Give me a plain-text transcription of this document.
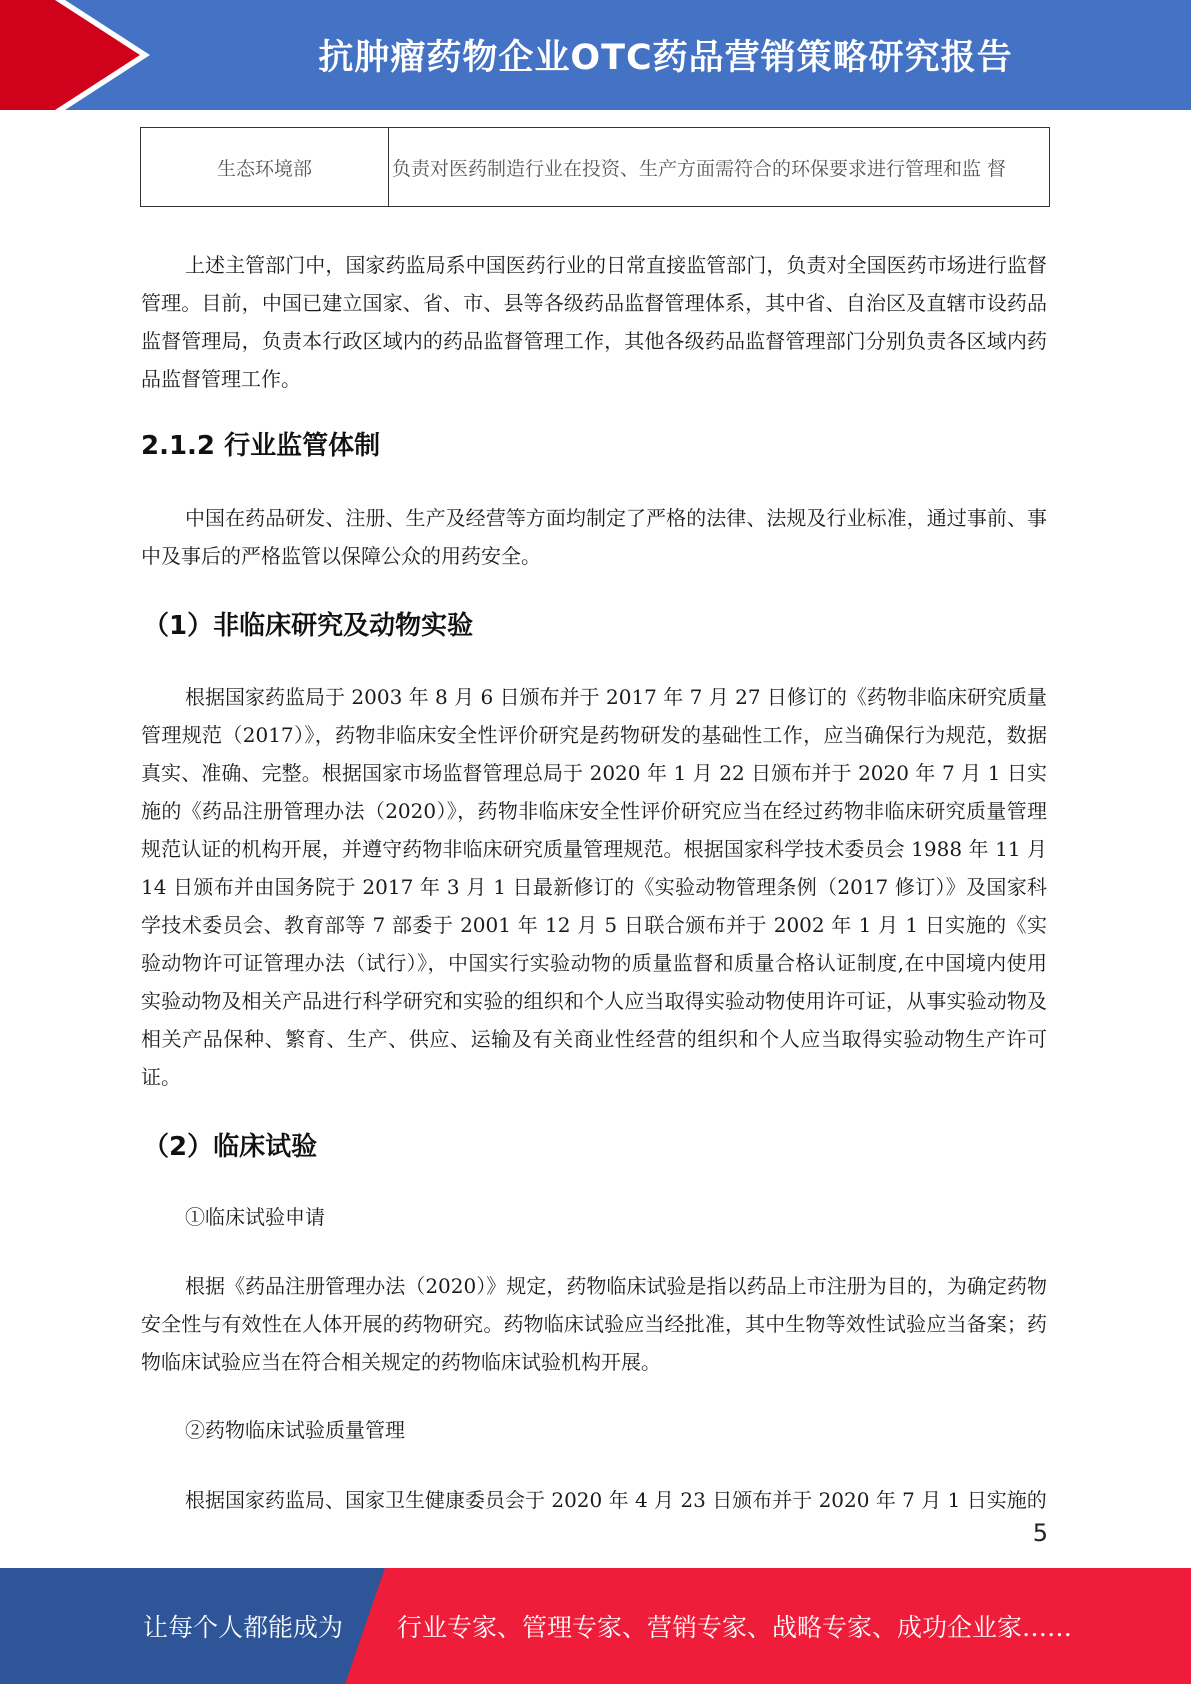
抗肿瘤药物企业OTC药品营销策略研究报告
生态环境部	负责对医药制造行业在投资、生产方面需符合的环保要求进行管理和监 督

上述主管部门中，国家药监局系中国医药行业的日常直接监管部门，负责对全国医药市场进行监督管理。目前，中国已建立国家、省、市、县等各级药品监督管理体系，其中省、自治区及直辖市设药品监督管理局，负责本行政区域内的药品监督管理工作，其他各级药品监督管理部门分别负责各区域内药品监督管理工作。

2.1.2 行业监管体制

中国在药品研发、注册、生产及经营等方面均制定了严格的法律、法规及行业标准，通过事前、事中及事后的严格监管以保障公众的用药安全。

（1）非临床研究及动物实验

根据国家药监局于 2003 年 8 月 6 日颁布并于 2017 年 7 月 27 日修订的《药物非临床研究质量管理规范（2017）》，药物非临床安全性评价研究是药物研发的基础性工作，应当确保行为规范，数据真实、准确、完整。根据国家市场监督管理总局于 2020 年 1 月 22 日颁布并于 2020 年 7 月 1 日实施的《药品注册管理办法（2020）》，药物非临床安全性评价研究应当在经过药物非临床研究质量管理规范认证的机构开展，并遵守药物非临床研究质量管理规范。根据国家科学技术委员会 1988 年 11 月 14 日颁布并由国务院于 2017 年 3 月 1 日最新修订的《实验动物管理条例（2017 修订）》及国家科学技术委员会、教育部等 7 部委于 2001 年 12 月 5 日联合颁布并于 2002 年 1 月 1 日实施的《实验动物许可证管理办法（试行）》，中国实行实验动物的质量监督和质量合格认证制度,在中国境内使用实验动物及相关产品进行科学研究和实验的组织和个人应当取得实验动物使用许可证，从事实验动物及相关产品保种、繁育、生产、供应、运输及有关商业性经营的组织和个人应当取得实验动物生产许可证。

（2）临床试验

①临床试验申请

根据《药品注册管理办法（2020）》规定，药物临床试验是指以药品上市注册为目的，为确定药物安全性与有效性在人体开展的药物研究。药物临床试验应当经批准，其中生物等效性试验应当备案；药物临床试验应当在符合相关规定的药物临床试验机构开展。

②药物临床试验质量管理

根据国家药监局、国家卫生健康委员会于 2020 年 4 月 23 日颁布并于 2020 年 7 月 1 日实施的

5
让每个人都能成为 行业专家、管理专家、营销专家、战略专家、成功企业家……
